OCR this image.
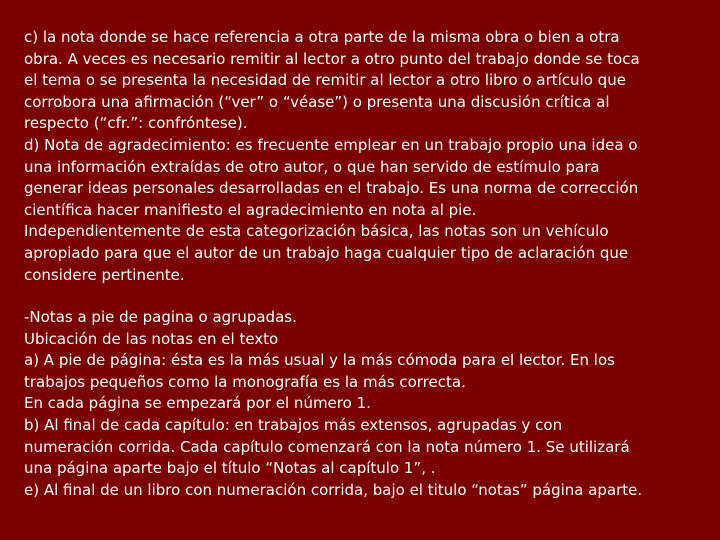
c) la nota donde se hace referencia a otra parte de la misma obra o bien a otra
obra. A veces es necesario remitir al lector a otro punto del trabajo donde se toca
el tema o se presenta la necesidad de remitir al lector a otro libro o artículo que
corrobora una afirmación (“ver” o “véase”) o presenta una discusión crítica al
respecto (“cfr.”: confróntese).
d) Nota de agradecimiento: es frecuente emplear en un trabajo propio una idea o
una información extraídas de otro autor, o que han servido de estímulo para
generar ideas personales desarrolladas en el trabajo. Es una norma de corrección
científica hacer manifiesto el agradecimiento en nota al pie.
Independientemente de esta categorización básica, las notas son un vehículo
apropiado para que el autor de un trabajo haga cualquier tipo de aclaración que
considere pertinente.
-Notas a pie de pagina o agrupadas.
Ubicación de las notas en el texto
a) A pie de página: ésta es la más usual y la más cómoda para el lector. En los
trabajos pequeños como la monografía es la más correcta.
En cada página se empezará por el número 1.
b) Al final de cada capítulo: en trabajos más extensos, agrupadas y con
numeración corrida. Cada capítulo comenzará con la nota número 1. Se utilizará
una página aparte bajo el título “Notas al capítulo 1”, .
e) Al final de un libro con numeración corrida, bajo el titulo “notas” página aparte.
